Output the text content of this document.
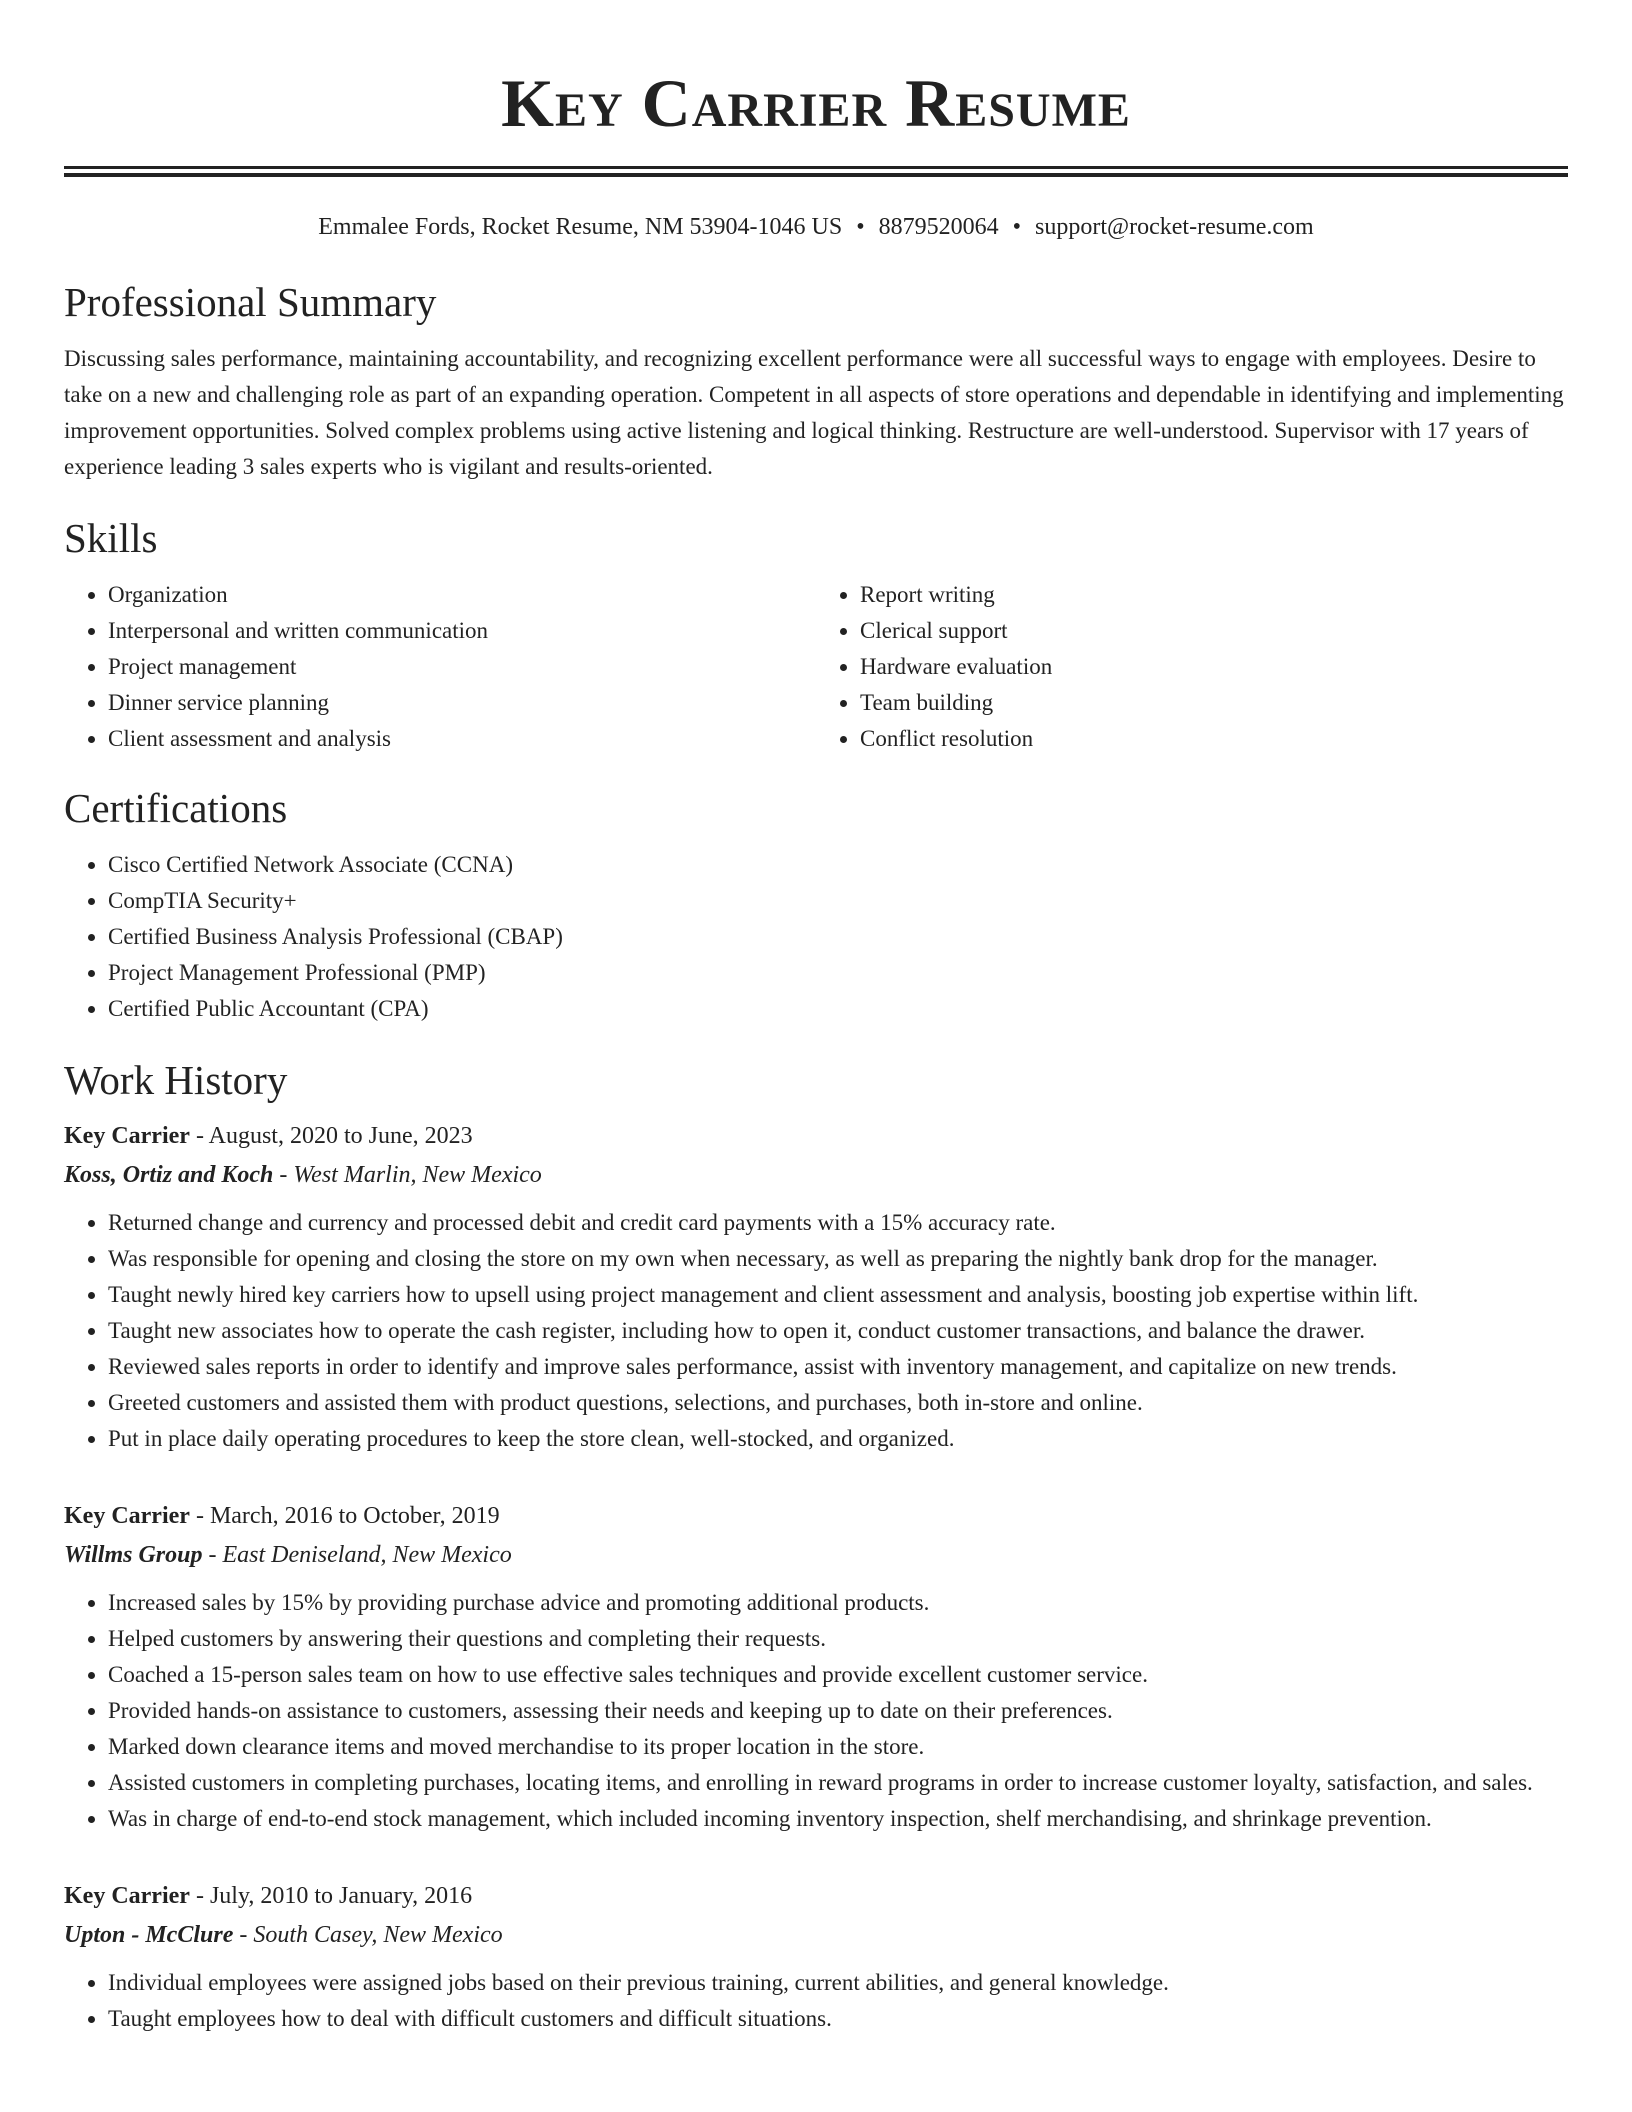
Key Carrier Resume
Emmalee Fords, Rocket Resume, NM 53904-1046 US • 8879520064 • support@rocket-resume.com
Professional Summary

Discussing sales performance, maintaining accountability, and recognizing excellent performance were all successful ways to engage with employees. Desire to take on a new and challenging role as part of an expanding operation. Competent in all aspects of store operations and dependable in identifying and implementing improvement opportunities. Solved complex problems using active listening and logical thinking. Restructure are well-understood. Supervisor with 17 years of experience leading 3 sales experts who is vigilant and results-oriented.

Skills
• Organization
• Interpersonal and written communication
• Project management
• Dinner service planning
• Client assessment and analysis
• Report writing
• Clerical support
• Hardware evaluation
• Team building
• Conflict resolution
Certifications
• Cisco Certified Network Associate (CCNA)
• CompTIA Security+
• Certified Business Analysis Professional (CBAP)
• Project Management Professional (PMP)
• Certified Public Accountant (CPA)
Work History
Key Carrier - August, 2020 to June, 2023
Koss, Ortiz and Koch - West Marlin, New Mexico
• Returned change and currency and processed debit and credit card payments with a 15% accuracy rate.
• Was responsible for opening and closing the store on my own when necessary, as well as preparing the nightly bank drop for the manager.
• Taught newly hired key carriers how to upsell using project management and client assessment and analysis, boosting job expertise within lift.
• Taught new associates how to operate the cash register, including how to open it, conduct customer transactions, and balance the drawer.
• Reviewed sales reports in order to identify and improve sales performance, assist with inventory management, and capitalize on new trends.
• Greeted customers and assisted them with product questions, selections, and purchases, both in-store and online.
• Put in place daily operating procedures to keep the store clean, well-stocked, and organized.
Key Carrier - March, 2016 to October, 2019
Willms Group - East Deniseland, New Mexico
• Increased sales by 15% by providing purchase advice and promoting additional products.
• Helped customers by answering their questions and completing their requests.
• Coached a 15-person sales team on how to use effective sales techniques and provide excellent customer service.
• Provided hands-on assistance to customers, assessing their needs and keeping up to date on their preferences.
• Marked down clearance items and moved merchandise to its proper location in the store.
• Assisted customers in completing purchases, locating items, and enrolling in reward programs in order to increase customer loyalty, satisfaction, and sales.
• Was in charge of end-to-end stock management, which included incoming inventory inspection, shelf merchandising, and shrinkage prevention.
Key Carrier - July, 2010 to January, 2016
Upton - McClure - South Casey, New Mexico
• Individual employees were assigned jobs based on their previous training, current abilities, and general knowledge.
• Taught employees how to deal with difficult customers and difficult situations.
